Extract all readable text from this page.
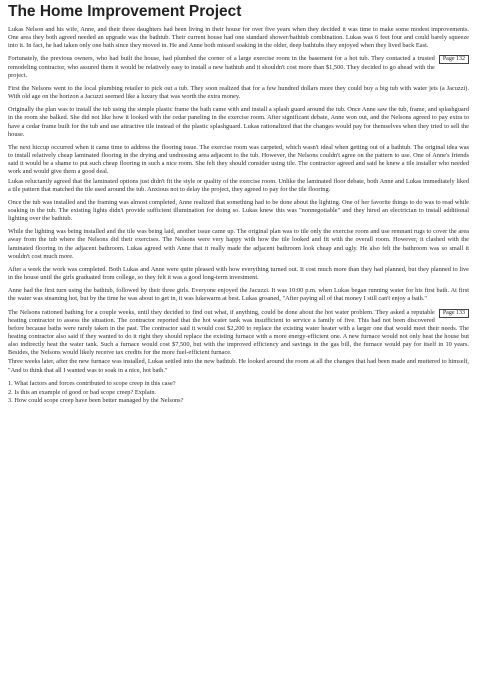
The Home Improvement Project

Lukas Nelson and his wife, Anne, and their three daughters had been living in their house for over five years when they decided it was time to make some modest improvements. One area they both agreed needed an upgrade was the bathtub. Their current house had one standard shower/bathtub combination. Lukas was 6 feet four and could barely squeeze into it. In fact, he had taken only one bath since they moved in. He and Anne both missed soaking in the older, deep bathtubs they enjoyed when they lived back East.

Page 132
Fortunately, the previous owners, who had built the house, had plumbed the corner of a large exercise room in the basement for a hot tub. They contacted a trusted remodeling contractor, who assured them it would be relatively easy to install a new bathtub and it shouldn't cost more than $1,500. They decided to go ahead with the project.

First the Nelsons went to the local plumbing retailer to pick out a tub. They soon realized that for a few hundred dollars more they could buy a big tub with water jets (a Jacuzzi). With old age on the horizon a Jacuzzi seemed like a luxury that was worth the extra money.

Originally the plan was to install the tub using the simple plastic frame the bath came with and install a splash guard around the tub. Once Anne saw the tub, frame, and splashguard in the room she balked. She did not like how it looked with the cedar paneling in the exercise room. After significant debate, Anne won out, and the Nelsons agreed to pay extra to have a cedar frame built for the tub and use attractive tile instead of the plastic splashguard. Lukas rationalized that the changes would pay for themselves when they tried to sell the house.

The next hiccup occurred when it came time to address the flooring issue. The exercise room was carpeted, which wasn't ideal when getting out of a bathtub. The original idea was to install relatively cheap laminated flooring in the drying and undressing area adjacent to the tub. However, the Nelsons couldn't agree on the pattern to use. One of Anne's friends said it would be a shame to put such cheap flooring in such a nice room. She felt they should consider using tile. The contractor agreed and said he knew a tile installer who needed work and would give them a good deal.

Lukas reluctantly agreed that the laminated options just didn't fit the style or quality of the exercise room. Unlike the laminated floor debate, both Anne and Lukas immediately liked a tile pattern that matched the tile used around the tub. Anxious not to delay the project, they agreed to pay for the tile flooring.

Once the tub was installed and the framing was almost completed, Anne realized that something had to be done about the lighting. One of her favorite things to do was to read while soaking in the tub. The existing lights didn't provide sufficient illumination for doing so. Lukas knew this was "nonnegotiable" and they hired an electrician to install additional lighting over the bathtub.

While the lighting was being installed and the tile was being laid, another issue came up. The original plan was to tile only the exercise room and use remnant rugs to cover the area away from the tub where the Nelsons did their exercises. The Nelsons were very happy with how the tile looked and fit with the overall room. However, it clashed with the laminated flooring in the adjacent bathroom. Lukas agreed with Anne that it really made the adjacent bathroom look cheap and ugly. He also felt the bathroom was so small it wouldn't cost much more.

After a week the work was completed. Both Lukas and Anne were quite pleased with how everything turned out. It cost much more than they had planned, but they planned to live in the house until the girls graduated from college, so they felt it was a good long-term investment.

Anne had the first turn using the bathtub, followed by their three girls. Everyone enjoyed the Jacuzzi. It was 10:00 p.m. when Lukas began running water for his first bath. At first the water was steaming hot, but by the time he was about to get in, it was lukewarm at best. Lukas groaned, "After paying all of that money I still can't enjoy a bath."

Page 133
The Nelsons rationed bathing for a couple weeks, until they decided to find out what, if anything, could be done about the hot water problem. They asked a reputable heating contractor to assess the situation. The contractor reported that the hot water tank was insufficient to service a family of five. This had not been discovered before because baths were rarely taken in the past. The contractor said it would cost $2,200 to replace the existing water heater with a larger one that would meet their needs. The heating contractor also said if they wanted to do it right they should replace the existing furnace with a more energy-efficient one. A new furnace would not only heat the house but also indirectly heat the water tank. Such a furnace would cost $7,500, but with the improved efficiency and savings in the gas bill, the furnace would pay for itself in 10 years. Besides, the Nelsons would likely receive tax credits for the more fuel-efficient furnace.

Three weeks later, after the new furnace was installed, Lukas settled into the new bathtub. He looked around the room at all the changes that had been made and muttered to himself, "And to think that all I wanted was to soak in a nice, hot bath."

1. What factors and forces contributed to scope creep in this case?

2. Is this an example of good or bad scope creep? Explain.

3. How could scope creep have been better managed by the Nelsons?
